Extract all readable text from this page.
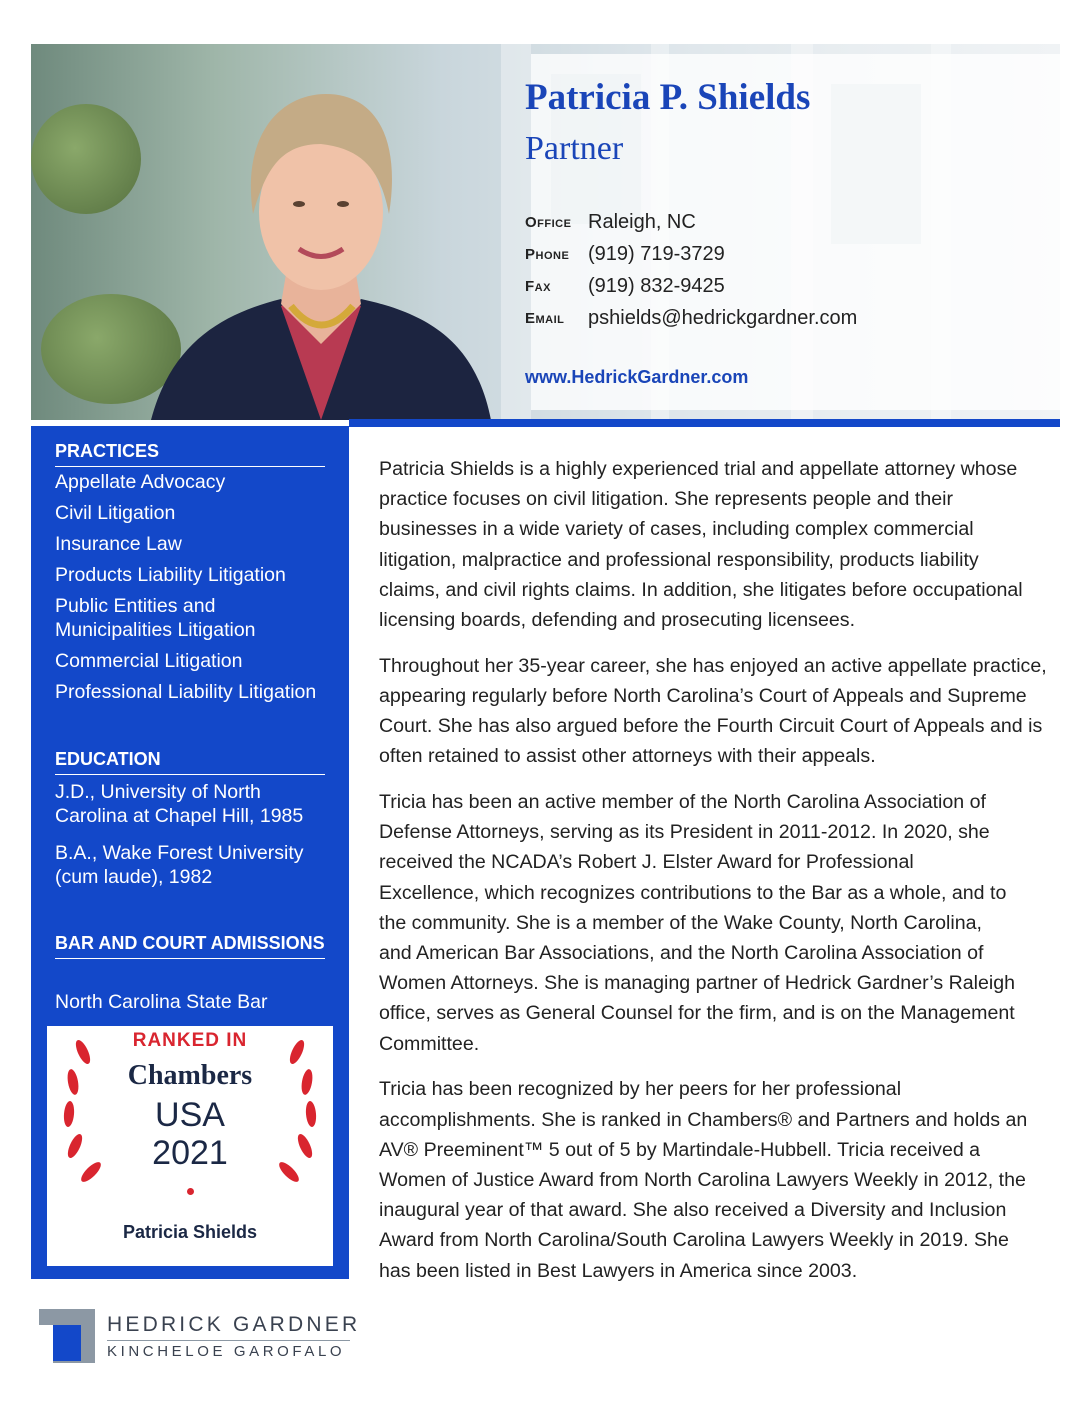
Patricia P. Shields
Partner
Office Raleigh, NC
Phone (919) 719-3729
Fax	(919) 832-9425
Email	pshields@hedrickgardner.com
www.HedrickGardner.com
PRACTICES
Appellate Advocacy
Civil Litigation
Insurance Law
Products Liability Litigation
Public Entities and Municipalities Litigation
Commercial Litigation
Professional Liability Litigation
EDUCATION
J.D., University of North Carolina at Chapel Hill, 1985
B.A., Wake Forest University (cum laude), 1982
BAR AND COURT ADMISSIONS
North Carolina State Bar
RANKED IN
Chambers
USA
2021
Patricia Shields

Patricia Shields is a highly experienced trial and appellate attorney whose practice focuses on civil litigation. She represents people and their businesses in a wide variety of cases, including complex commercial litigation, malpractice and professional responsibility, products liability claims, and civil rights claims. In addition, she litigates before occupational licensing boards, defending and prosecuting licensees.

Throughout her 35-year career, she has enjoyed an active appellate practice, appearing regularly before North Carolina’s Court of Appeals and Supreme Court. She has also argued before the Fourth Circuit Court of Appeals and is often retained to assist other attorneys with their appeals.

Tricia has been an active member of the North Carolina Association of Defense Attorneys, serving as its President in 2011-2012. In 2020, she received the NCADA’s Robert J. Elster Award for Professional Excellence, which recognizes contributions to the Bar as a whole, and to the community. She is a member of the Wake County, North Carolina, and American Bar Associations, and the North Carolina Association of Women Attorneys. She is managing partner of Hedrick Gardner’s Raleigh office, serves as General Counsel for the firm, and is on the Management Committee.

Tricia has been recognized by her peers for her professional accomplishments. She is ranked in Chambers® and Partners and holds an AV® Preeminent™ 5 out of 5 by Martindale-Hubbell. Tricia received a Women of Justice Award from North Carolina Lawyers Weekly in 2012, the inaugural year of that award. She also received a Diversity and Inclusion Award from North Carolina/South Carolina Lawyers Weekly in 2019. She has been listed in Best Lawyers in America since 2003.

HEDRICK GARDNER
KINCHELOE GAROFALO
